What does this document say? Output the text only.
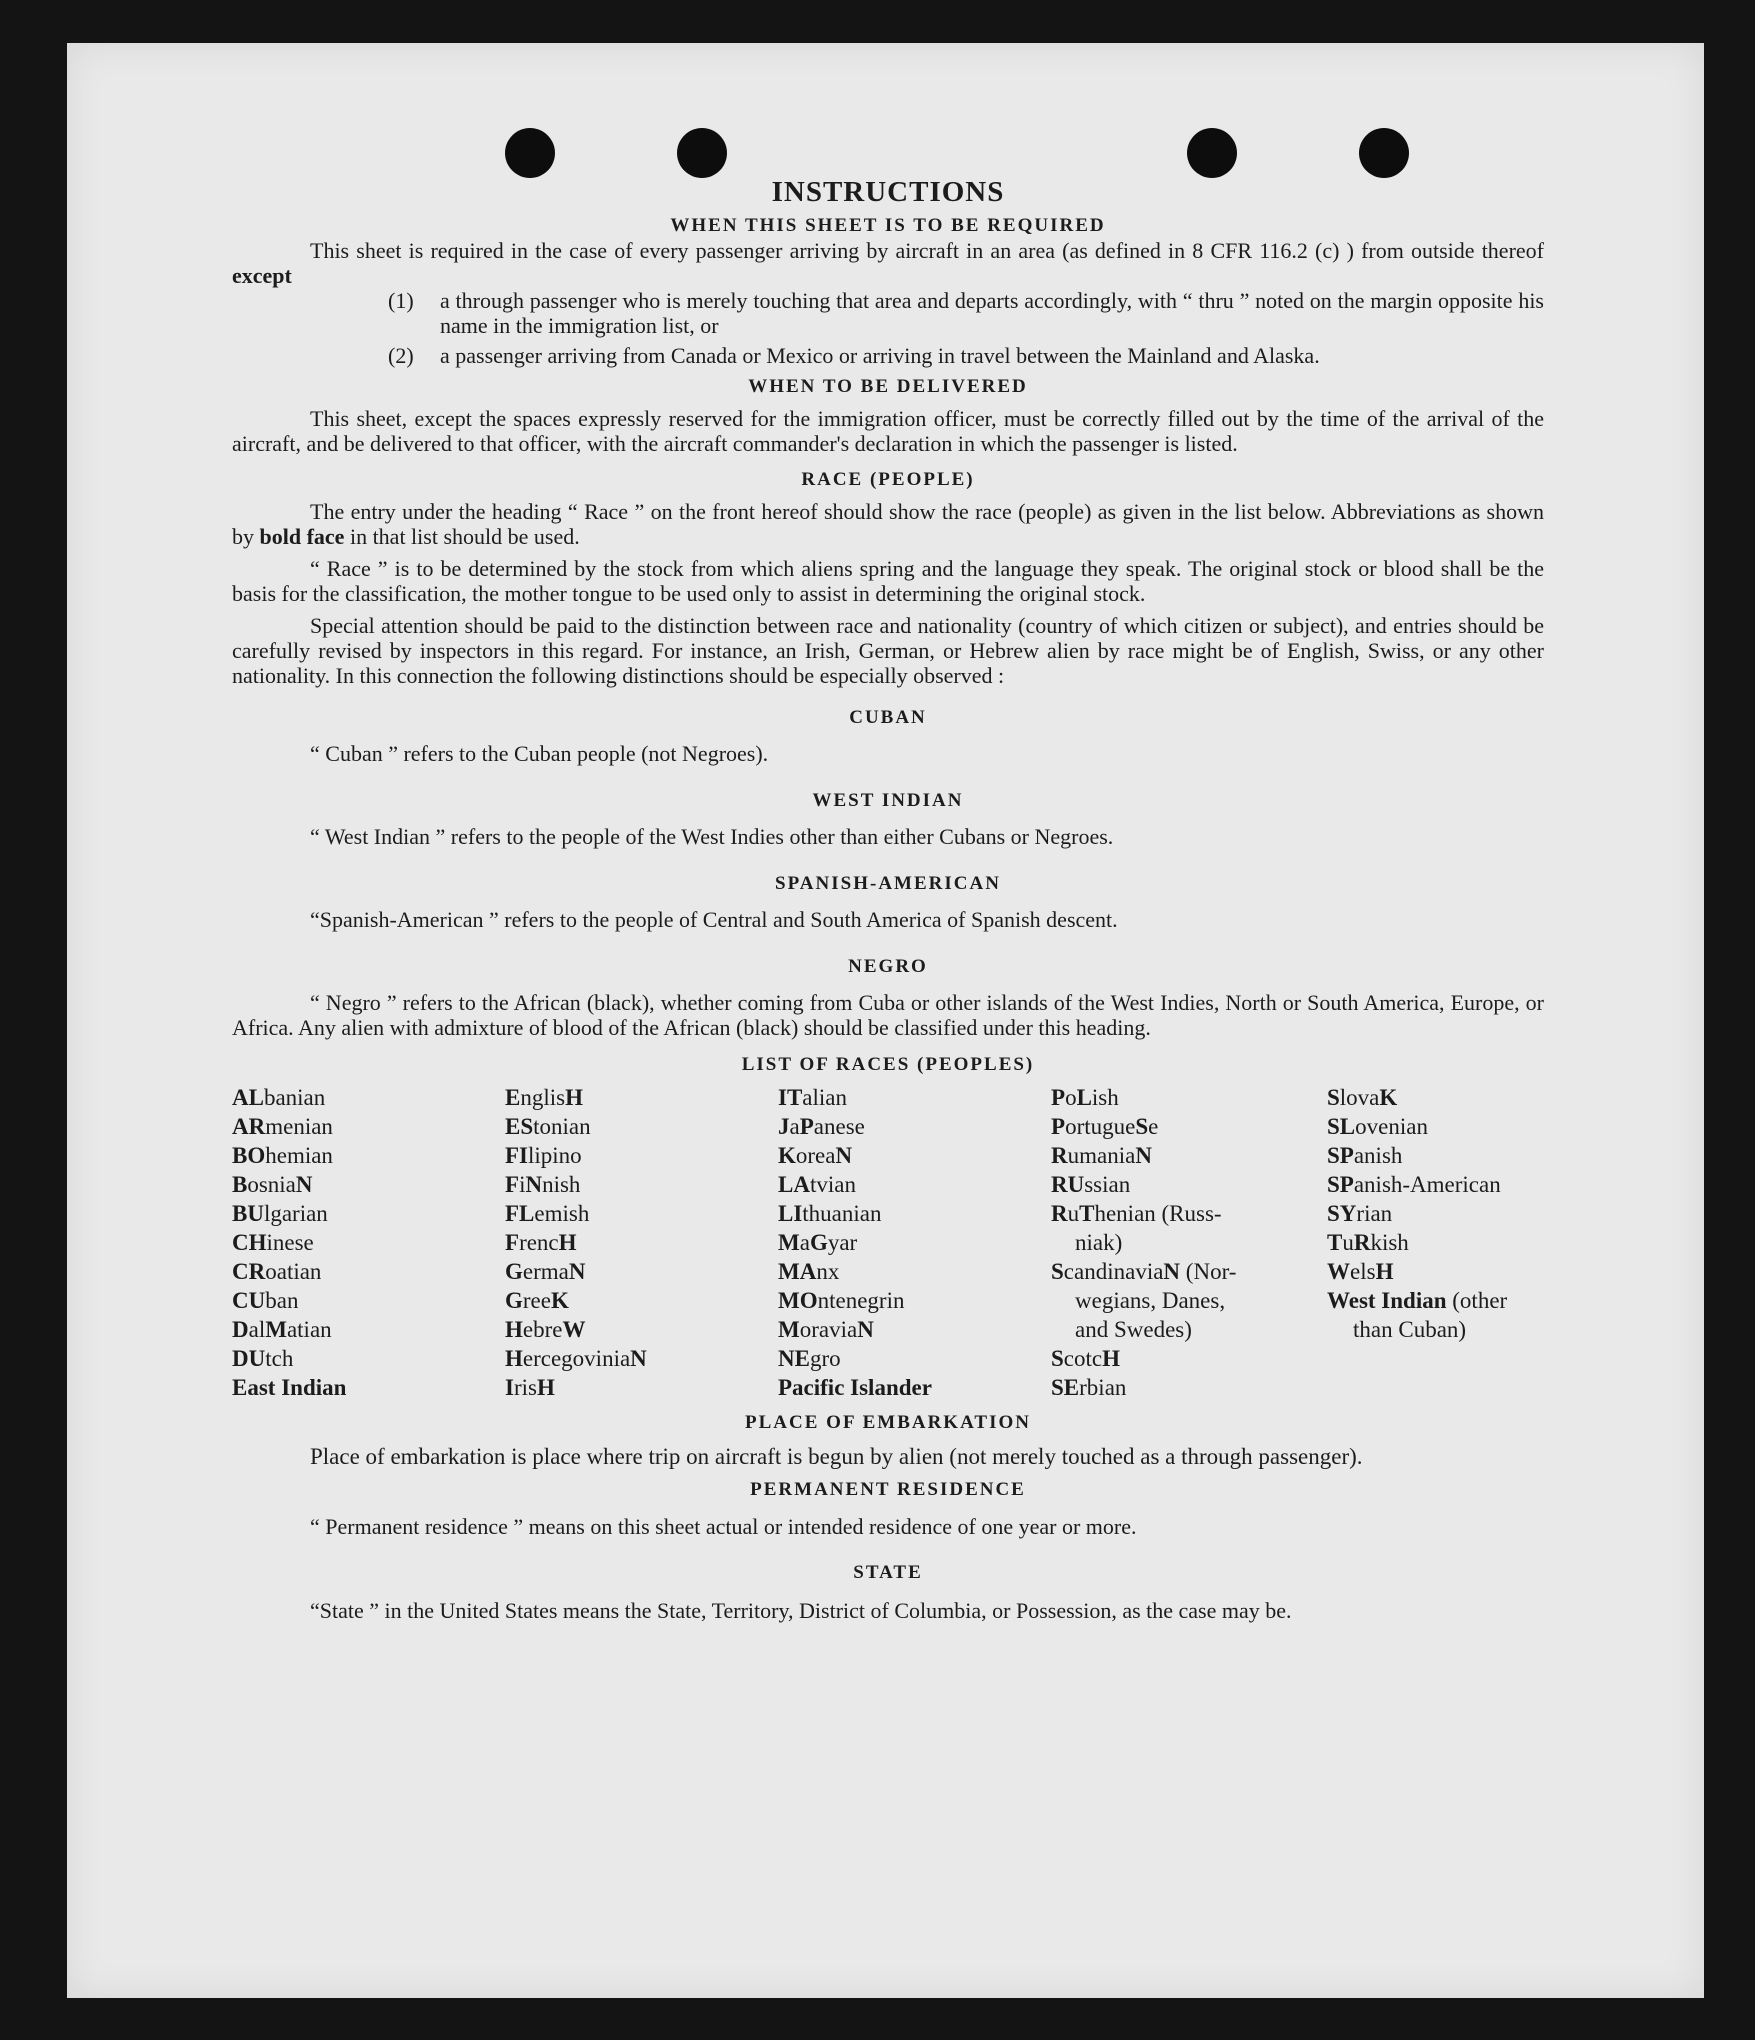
INSTRUCTIONS
WHEN THIS SHEET IS TO BE REQUIRED

This sheet is required in the case of every passenger arriving by aircraft in an area (as defined in 8 CFR 116.2 (c) ) from outside thereof except

(1)	a through passenger who is merely touching that area and departs accordingly, with “ thru ” noted on the margin opposite his name in the immigration list, or
(2)	a passenger arriving from Canada or Mexico or arriving in travel between the Mainland and Alaska.
WHEN TO BE DELIVERED

This sheet, except the spaces expressly reserved for the immigration officer, must be correctly filled out by the time of the arrival of the aircraft, and be delivered to that officer, with the aircraft commander's declaration in which the passenger is listed.

RACE (PEOPLE)

The entry under the heading “ Race ” on the front hereof should show the race (people) as given in the list below. Abbreviations as shown by bold face in that list should be used.

“ Race ” is to be determined by the stock from which aliens spring and the language they speak. The original stock or blood shall be the basis for the classification, the mother tongue to be used only to assist in determining the original stock.

Special attention should be paid to the distinction between race and nationality (country of which citizen or subject), and entries should be carefully revised by inspectors in this regard. For instance, an Irish, German, or Hebrew alien by race might be of English, Swiss, or any other nationality. In this connection the following distinctions should be especially observed :

CUBAN

“ Cuban ” refers to the Cuban people (not Negroes).

WEST INDIAN

“ West Indian ” refers to the people of the West Indies other than either Cubans or Negroes.

SPANISH-AMERICAN

“Spanish-American ” refers to the people of Central and South America of Spanish descent.

NEGRO

“ Negro ” refers to the African (black), whether coming from Cuba or other islands of the West Indies, North or South America, Europe, or Africa. Any alien with admixture of blood of the African (black) should be classified under this heading.

LIST OF RACES (PEOPLES)
ALbanian
ARmenian
BOhemian
BosniaN
BUlgarian
CHinese
CRoatian
CUban
DalMatian
DUtch
East Indian
EnglisH
EStonian
FIlipino
FiNnish
FLemish
FrencH
GermaN
GreeK
HebreW
HercegoviniaN
IrisH
ITalian
JaPanese
KoreaN
LAtvian
LIthuanian
MaGyar
MAnx
MOntenegrin
MoraviaN
NEgro
Pacific Islander
PoLish
PortugueSe
RumaniaN
RUssian
RuThenian (Russ-
niak)
ScandinaviaN (Nor-
wegians, Danes,
and Swedes)
ScotcH
SErbian
SlovaK
SLovenian
SPanish
SPanish-American
SYrian
TuRkish
WelsH
West Indian (other
than Cuban)
PLACE OF EMBARKATION

Place of embarkation is place where trip on aircraft is begun by alien (not merely touched as a through passenger).

PERMANENT RESIDENCE

“ Permanent residence ” means on this sheet actual or intended residence of one year or more.

STATE

“State ” in the United States means the State, Territory, District of Columbia, or Possession, as the case may be.
